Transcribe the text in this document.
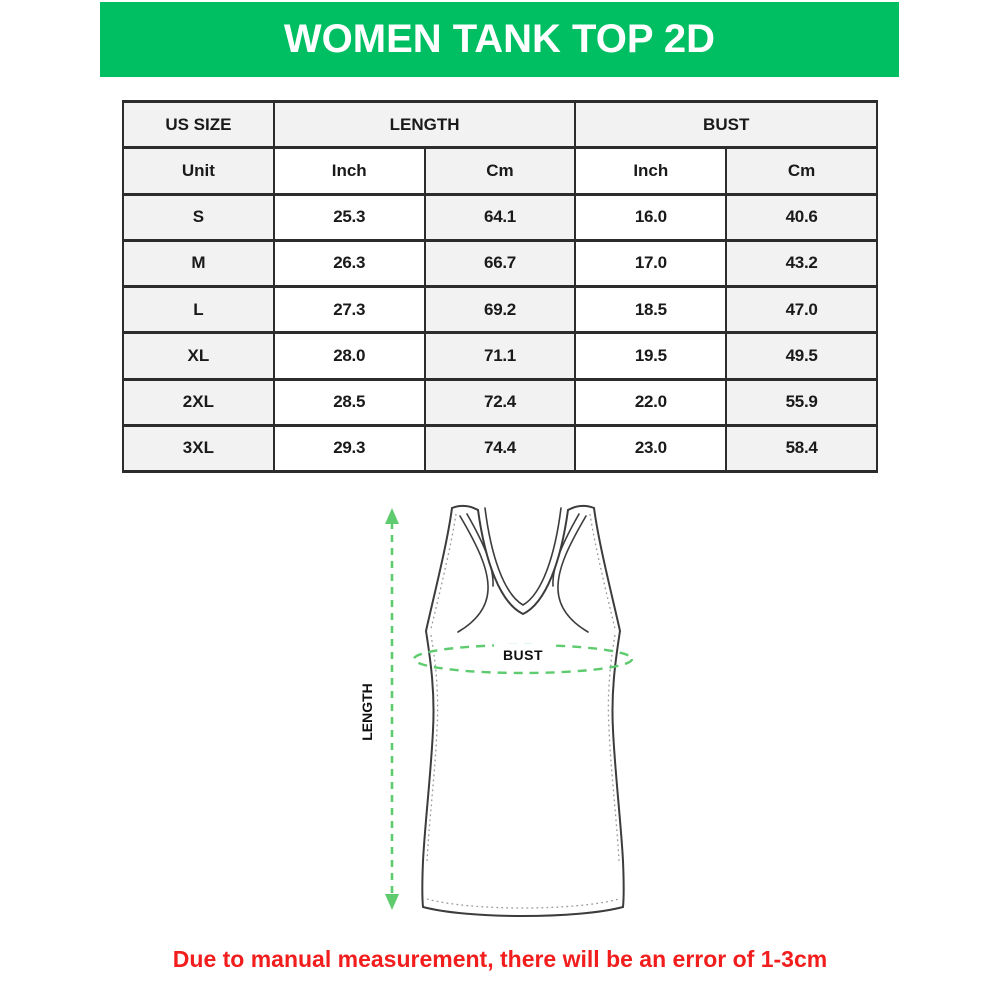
WOMEN TANK TOP 2D
US SIZE	LENGTH		BUST	
Unit	Inch	Cm	Inch	Cm
S	25.3	64.1	16.0	40.6
M	26.3	66.7	17.0	43.2
L	27.3	69.2	18.5	47.0
XL	28.0	71.1	19.5	49.5
2XL	28.5	72.4	22.0	55.9
3XL	29.3	74.4	23.0	58.4
LENGTH
BUST
Due to manual measurement, there will be an error of 1-3cm
